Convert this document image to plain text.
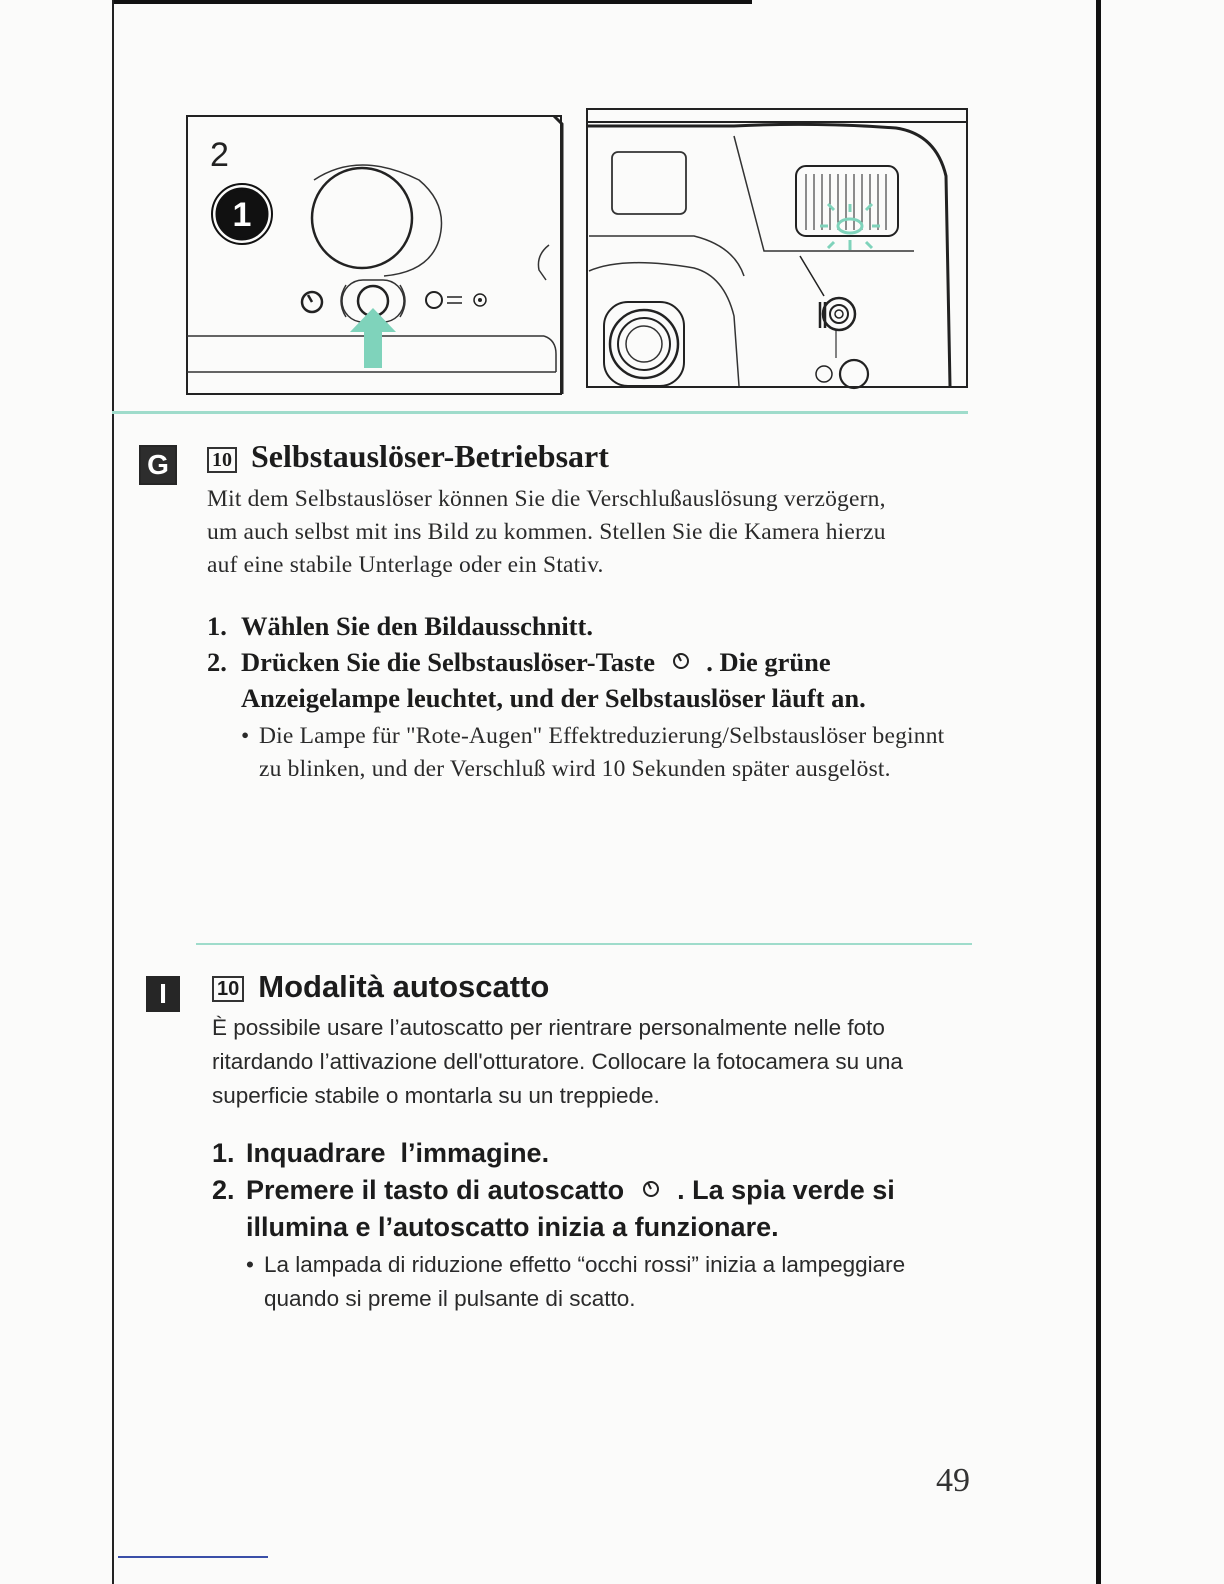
2
1
G	10 Selbstauslöser-Betriebsart
Mit dem Selbstauslöser können Sie die Verschlußauslösung verzögern, um auch selbst mit ins Bild zu kommen. Stellen Sie die Kamera hierzu auf eine stabile Unterlage oder ein Stativ.
1. Wählen Sie den Bildausschnitt.
2. Drücken Sie die Selbstauslöser-Taste . Die grüne Anzeigelampe leuchtet, und der Selbstauslöser läuft an.
• Die Lampe für "Rote-Augen" Effektreduzierung/Selbstauslöser beginnt zu blinken, und der Verschluß wird 10 Sekunden später ausgelöst.
I	10 Modalità autoscatto
È possibile usare l’autoscatto per rientrare personalmente nelle foto ritardando l’attivazione dell'otturatore. Collocare la fotocamera su una superficie stabile o montarla su un treppiede.
1. Inquadrare  l’immagine.
2. Premere il tasto di autoscatto . La spia verde si illumina e l’autoscatto inizia a funzionare.
• La lampada di riduzione effetto “occhi rossi” inizia a lampeggiare quando si preme il pulsante di scatto.
49
